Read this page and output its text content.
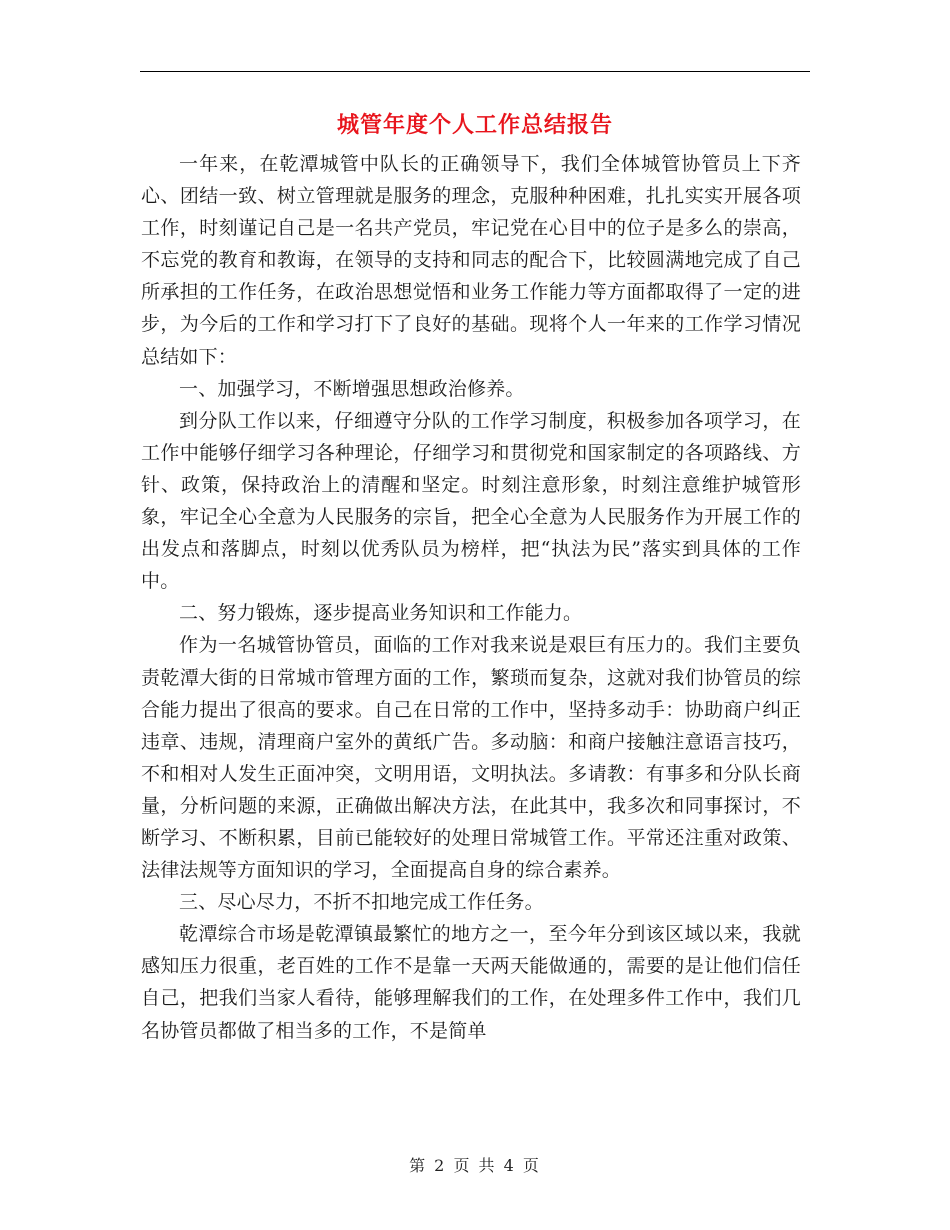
城管年度个人工作总结报告

一年来，在乾潭城管中队长的正确领导下，我们全体城管协管员上下齐心、团结一致、树立管理就是服务的理念，克服种种困难，扎扎实实开展各项工作，时刻谨记自己是一名共产党员，牢记党在心目中的位子是多么的崇高，不忘党的教育和教诲，在领导的支持和同志的配合下，比较圆满地完成了自己所承担的工作任务，在政治思想觉悟和业务工作能力等方面都取得了一定的进步，为今后的工作和学习打下了良好的基础。现将个人一年来的工作学习情况总结如下：

一、加强学习，不断增强思想政治修养。

到分队工作以来，仔细遵守分队的工作学习制度，积极参加各项学习，在工作中能够仔细学习各种理论，仔细学习和贯彻党和国家制定的各项路线、方针、政策，保持政治上的清醒和坚定。时刻注意形象，时刻注意维护城管形象，牢记全心全意为人民服务的宗旨，把全心全意为人民服务作为开展工作的出发点和落脚点，时刻以优秀队员为榜样，把“执法为民”落实到具体的工作中。

二、努力锻炼，逐步提高业务知识和工作能力。

作为一名城管协管员，面临的工作对我来说是艰巨有压力的。我们主要负责乾潭大街的日常城市管理方面的工作，繁琐而复杂，这就对我们协管员的综合能力提出了很高的要求。自己在日常的工作中，坚持多动手：协助商户纠正违章、违规，清理商户室外的黄纸广告。多动脑：和商户接触注意语言技巧，不和相对人发生正面冲突，文明用语，文明执法。多请教：有事多和分队长商量，分析问题的来源，正确做出解决方法，在此其中，我多次和同事探讨，不断学习、不断积累，目前已能较好的处理日常城管工作。平常还注重对政策、法律法规等方面知识的学习，全面提高自身的综合素养。

三、尽心尽力，不折不扣地完成工作任务。

乾潭综合市场是乾潭镇最繁忙的地方之一，至今年分到该区域以来，我就感知压力很重，老百姓的工作不是靠一天两天能做通的，需要的是让他们信任自己，把我们当家人看待，能够理解我们的工作，在处理多件工作中，我们几名协管员都做了相当多的工作，不是简单

第 2 页 共 4 页
